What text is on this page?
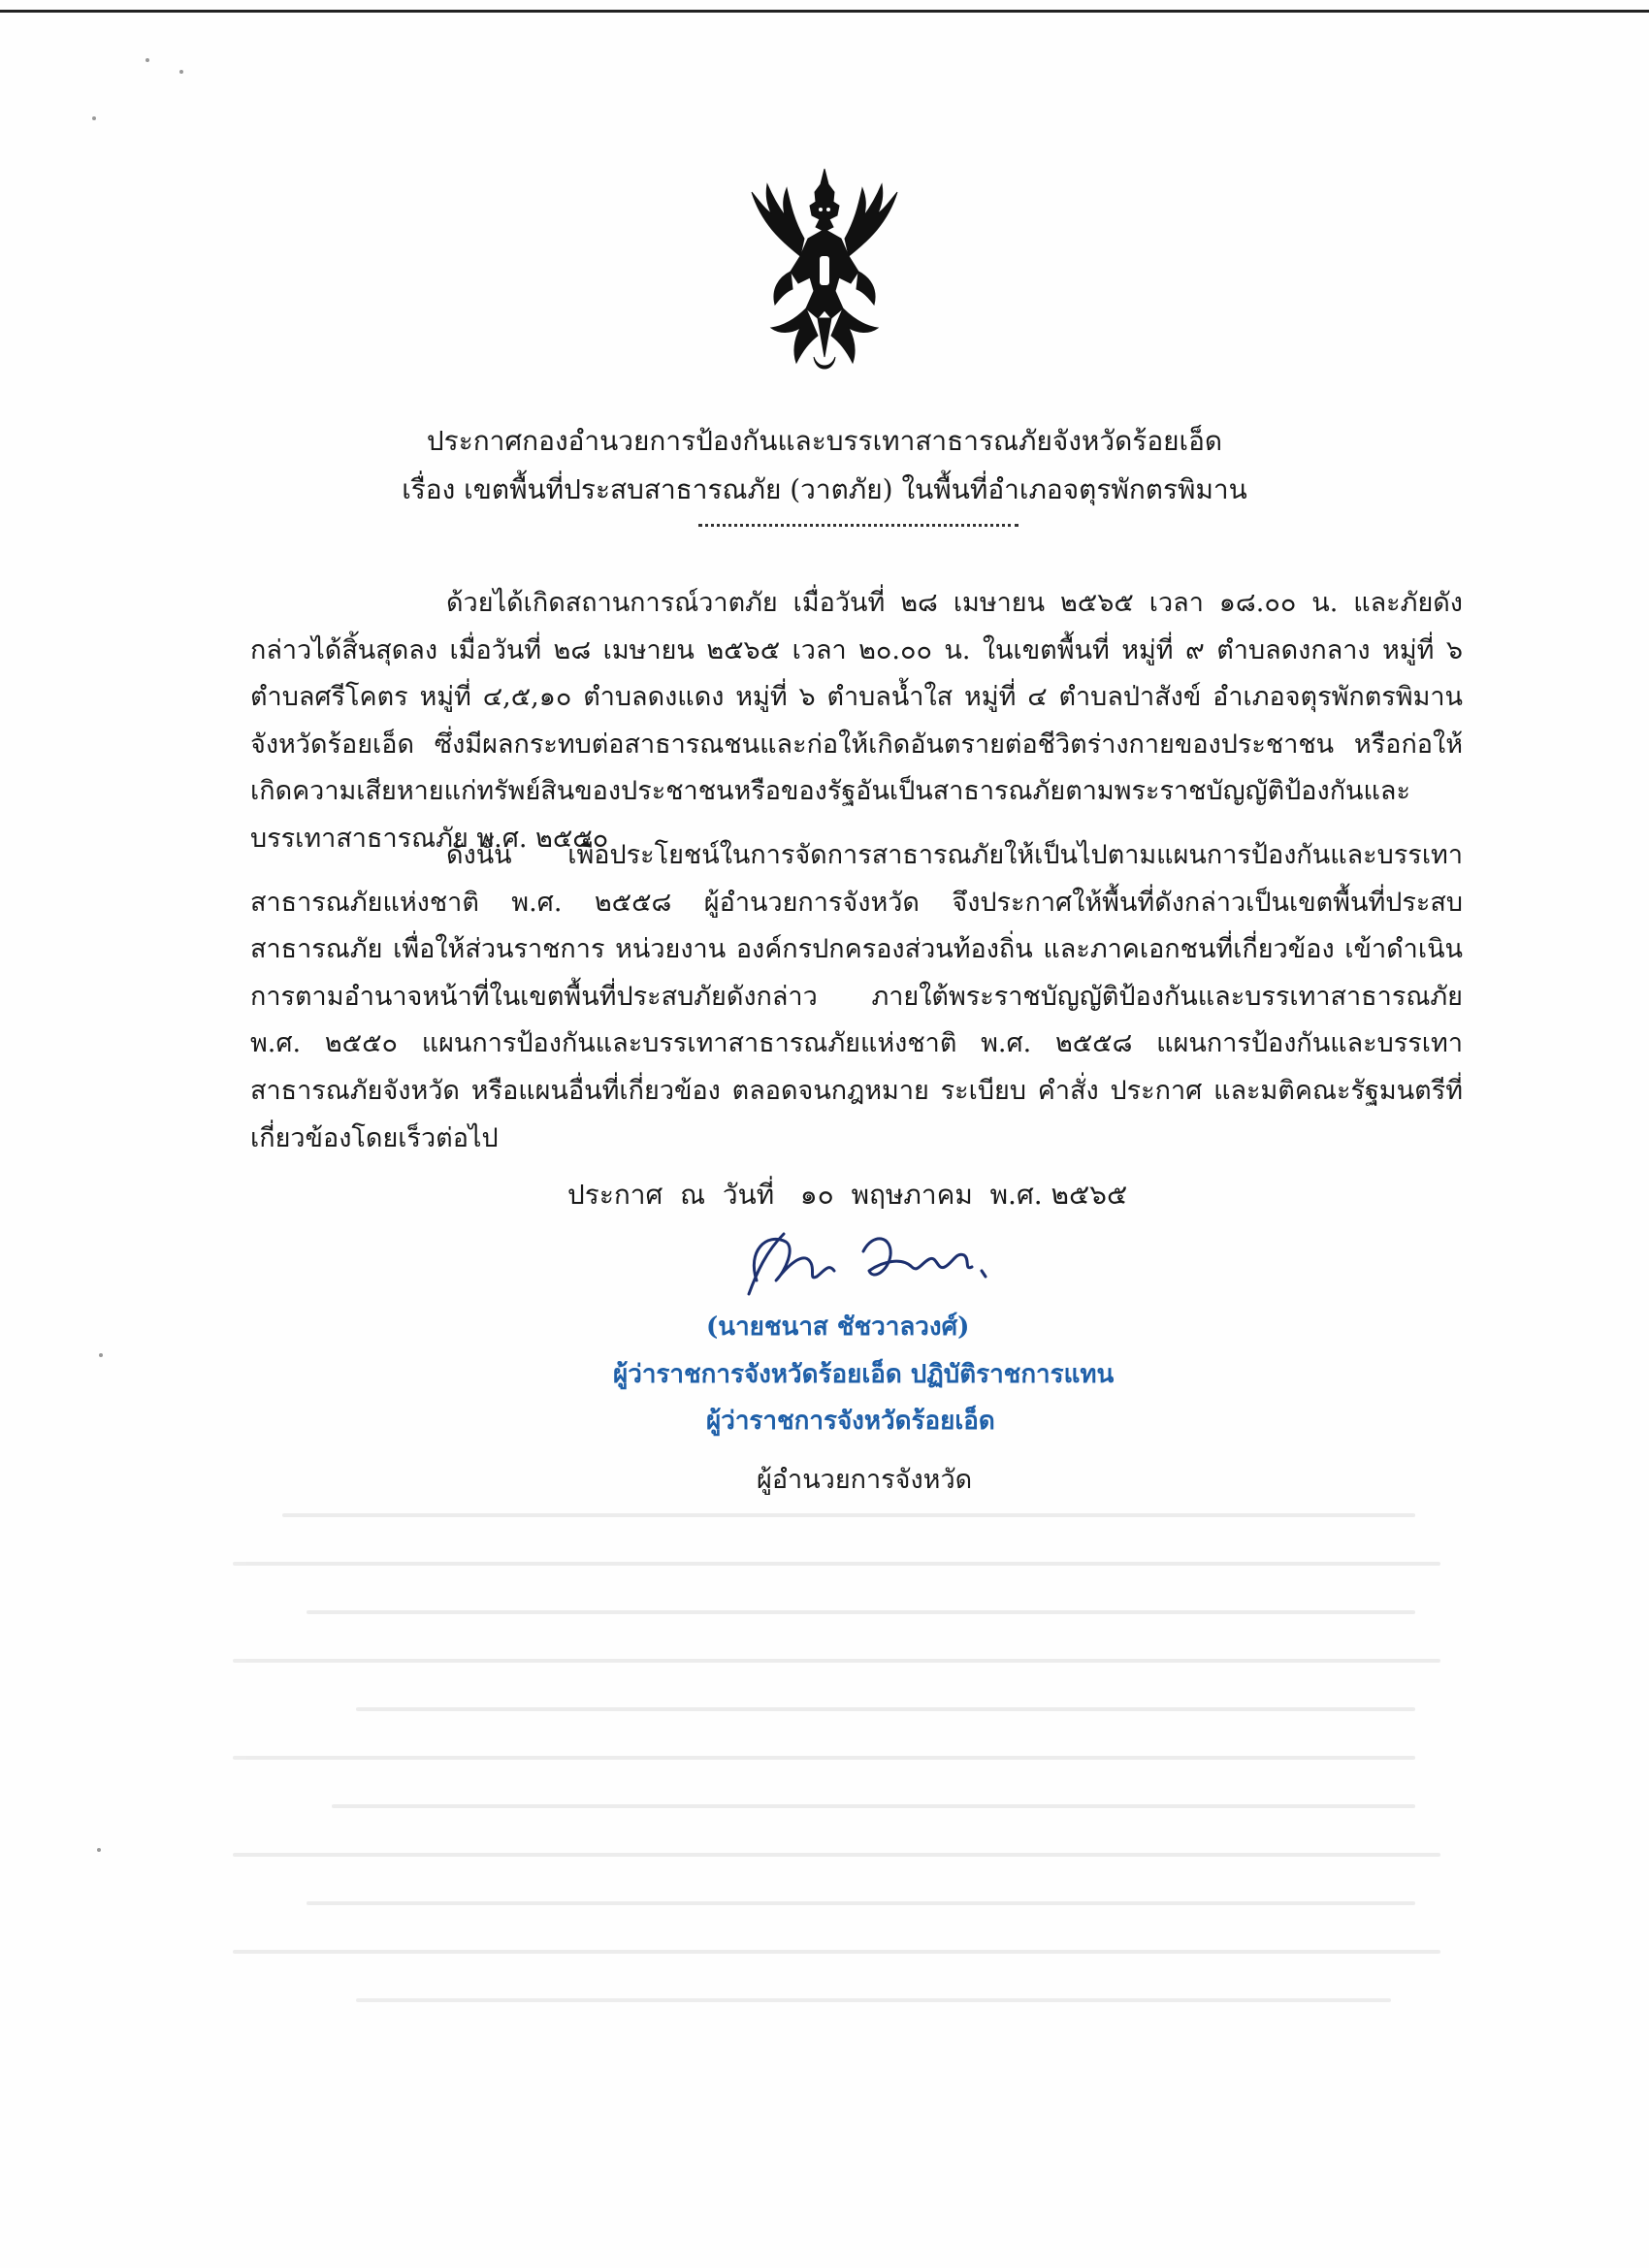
ประกาศกองอำนวยการป้องกันและบรรเทาสาธารณภัยจังหวัดร้อยเอ็ด
เรื่อง เขตพื้นที่ประสบสาธารณภัย (วาตภัย) ในพื้นที่อำเภอจตุรพักตรพิมาน

ด้วยได้เกิดสถานการณ์วาตภัย เมื่อวันที่ ๒๘ เมษายน ๒๕๖๕ เวลา ๑๘.๐๐ น. และภัยดังกล่าวได้สิ้นสุดลง เมื่อวันที่ ๒๘ เมษายน ๒๕๖๕ เวลา ๒๐.๐๐ น. ในเขตพื้นที่ หมู่ที่ ๙ ตำบลดงกลาง หมู่ที่ ๖ ตำบลศรีโคตร หมู่ที่ ๔,๕,๑๐ ตำบลดงแดง หมู่ที่ ๖ ตำบลน้ำใส หมู่ที่ ๔ ตำบลป่าสังข์ อำเภอจตุรพักตรพิมาน จังหวัดร้อยเอ็ด ซึ่งมีผลกระทบต่อสาธารณชนและก่อให้เกิดอันตรายต่อชีวิตร่างกายของประชาชน หรือก่อให้เกิดความเสียหายแก่ทรัพย์สินของประชาชนหรือของรัฐอันเป็นสาธารณภัยตามพระราชบัญญัติป้องกันและบรรเทาสาธารณภัย พ.ศ. ๒๕๕๐

ดังนั้น เพื่อประโยชน์ในการจัดการสาธารณภัยให้เป็นไปตามแผนการป้องกันและบรรเทาสาธารณภัยแห่งชาติ พ.ศ. ๒๕๕๘ ผู้อำนวยการจังหวัด จึงประกาศให้พื้นที่ดังกล่าวเป็นเขตพื้นที่ประสบสาธารณภัย เพื่อให้ส่วนราชการ หน่วยงาน องค์กรปกครองส่วนท้องถิ่น และภาคเอกชนที่เกี่ยวข้อง เข้าดำเนินการตามอำนาจหน้าที่ในเขตพื้นที่ประสบภัยดังกล่าว ภายใต้พระราชบัญญัติป้องกันและบรรเทาสาธารณภัย พ.ศ. ๒๕๕๐ แผนการป้องกันและบรรเทาสาธารณภัยแห่งชาติ พ.ศ. ๒๕๕๘ แผนการป้องกันและบรรเทาสาธารณภัยจังหวัด หรือแผนอื่นที่เกี่ยวข้อง ตลอดจนกฎหมาย ระเบียบ คำสั่ง ประกาศ และมติคณะรัฐมนตรีที่เกี่ยวข้องโดยเร็วต่อไป

ประกาศ  ณ  วันที่   ๑๐  พฤษภาคม  พ.ศ. ๒๕๖๕
(นายชนาส ชัชวาลวงศ์)
ผู้ว่าราชการจังหวัดร้อยเอ็ด ปฏิบัติราชการแทน
ผู้ว่าราชการจังหวัดร้อยเอ็ด
ผู้อำนวยการจังหวัด
